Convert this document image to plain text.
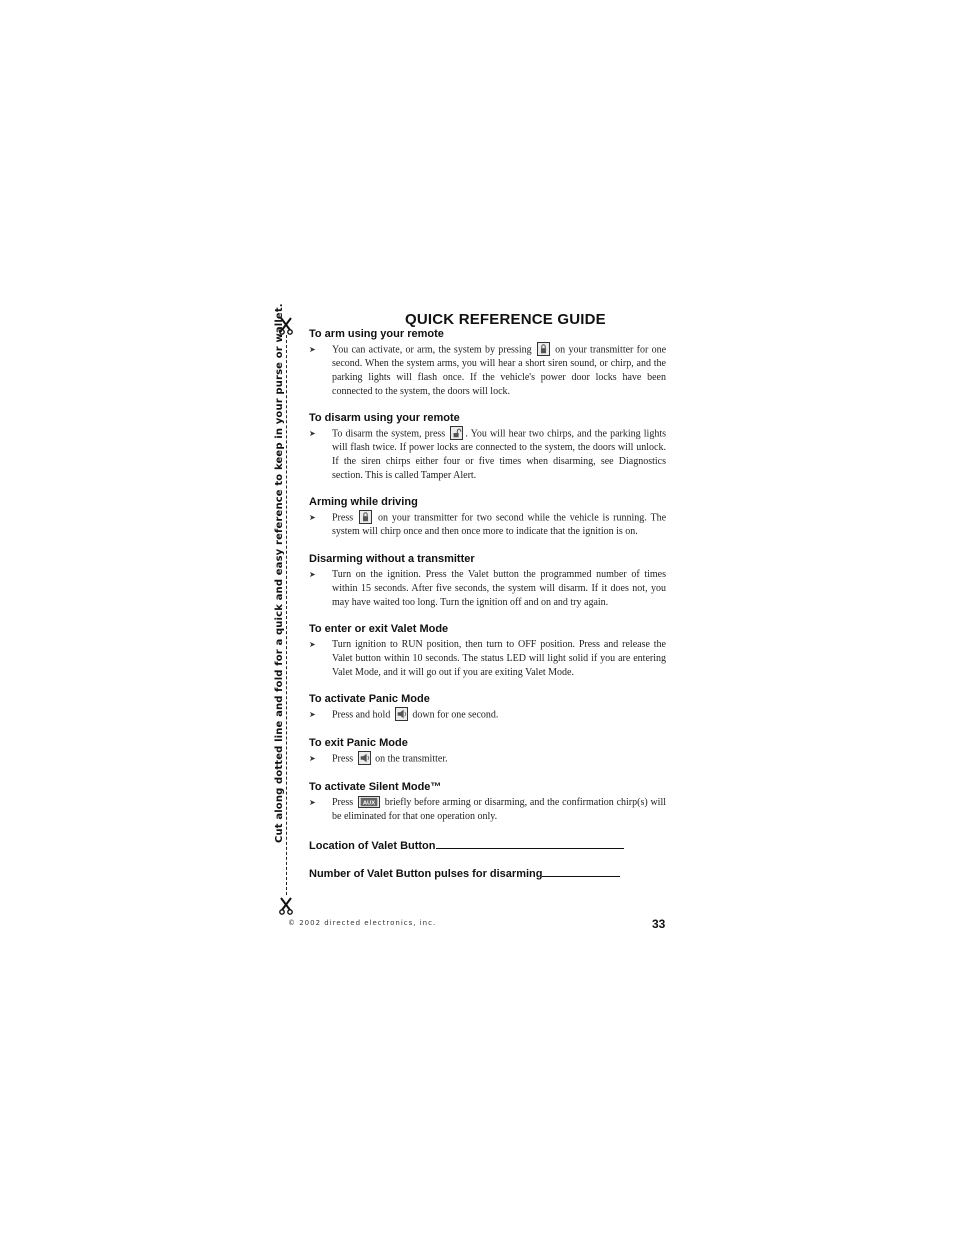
Cut along dotted line and fold for a quick and easy reference to keep in your purse or wallet.	QUICK REFERENCE GUIDE

To arm using your remote

➤ You can activate, or arm, the system by pressing on your transmitter for one second. When the system arms, you will hear a short siren sound, or chirp, and the parking lights will flash once. If the vehicle's power door locks have been connected to the system, the doors will lock.

To disarm using your remote

➤ To disarm the system, press . You will hear two chirps, and the parking lights will flash twice. If power locks are connected to the system, the doors will unlock. If the siren chirps either four or five times when disarming, see Diagnostics section. This is called Tamper Alert.

Arming while driving

➤ Press on your transmitter for two second while the vehicle is running. The system will chirp once and then once more to indicate that the ignition is on.

Disarming without a transmitter

➤ Turn on the ignition. Press the Valet button the programmed number of times within 15 seconds. After five seconds, the system will disarm. If it does not, you may have waited too long. Turn the ignition off and on and try again.

To enter or exit Valet Mode

➤ Turn ignition to RUN position, then turn to OFF position. Press and release the Valet button within 10 seconds. The status LED will light solid if you are entering Valet Mode, and it will go out if you are exiting Valet Mode.

To activate Panic Mode

➤ Press and hold down for one second.

To exit Panic Mode

➤ Press on the transmitter.

To activate Silent Mode™

➤ Press AUX briefly before arming or disarming, and the confirmation chirp(s) will be eliminated for that one operation only.
Location of Valet Button
Number of Valet Button pulses for disarming
© 2002 directed electronics, inc.	33
